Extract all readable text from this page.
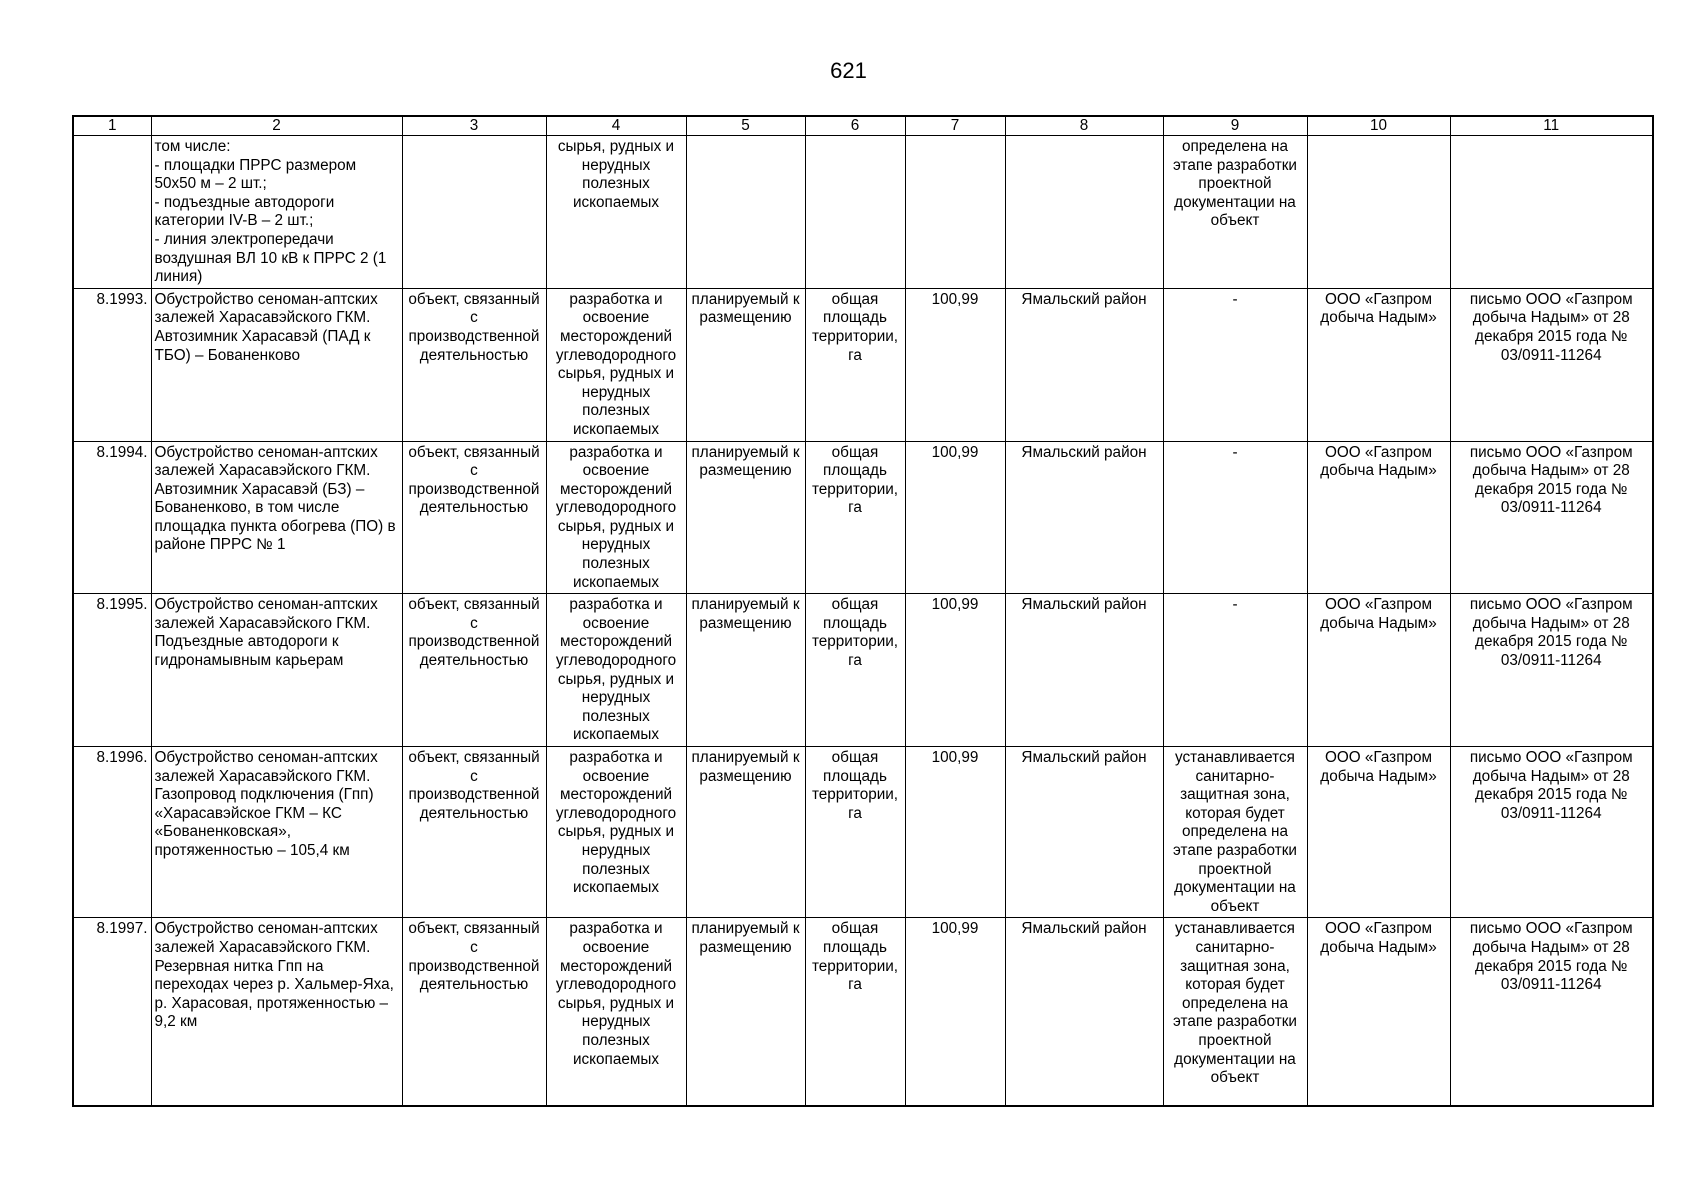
621
1	2	3	4	5	6	7	8	9	10	11
	том числе:
- площадки ПРРС размером 50х50 м – 2 шт.;
- подъездные автодороги категории IV-В – 2 шт.;
- линия электропередачи воздушная ВЛ 10 кВ к ПРРС 2 (1 линия)		сырья, рудных и нерудных полезных ископаемых					определена на этапе разработки проектной документации на объект		
8.1993.	Обустройство сеноман-аптских залежей Харасавэйского ГКМ. Автозимник Харасавэй (ПАД к ТБО) – Бованенково	объект, связанный с производственной деятельностью	разработка и освоение месторождений углеводородного сырья, рудных и нерудных полезных ископаемых	планируемый к размещению	общая площадь территории, га	100,99	Ямальский район	-	ООО «Газпром добыча Надым»	письмо ООО «Газпром добыча Надым» от 28 декабря 2015 года № 03/0911-11264
8.1994.	Обустройство сеноман-аптских залежей Харасавэйского ГКМ. Автозимник Харасавэй (БЗ) – Бованенково, в том числе площадка пункта обогрева (ПО) в районе ПРРС № 1	объект, связанный с производственной деятельностью	разработка и освоение месторождений углеводородного сырья, рудных и нерудных полезных ископаемых	планируемый к размещению	общая площадь территории, га	100,99	Ямальский район	-	ООО «Газпром добыча Надым»	письмо ООО «Газпром добыча Надым» от 28 декабря 2015 года № 03/0911-11264
8.1995.	Обустройство сеноман-аптских залежей Харасавэйского ГКМ. Подъездные автодороги к гидронамывным карьерам	объект, связанный с производственной деятельностью	разработка и освоение месторождений углеводородного сырья, рудных и нерудных полезных ископаемых	планируемый к размещению	общая площадь территории, га	100,99	Ямальский район	-	ООО «Газпром добыча Надым»	письмо ООО «Газпром добыча Надым» от 28 декабря 2015 года № 03/0911-11264
8.1996.	Обустройство сеноман-аптских залежей Харасавэйского ГКМ. Газопровод подключения (Гпп) «Харасавэйское ГКМ – КС «Бованенковская», протяженностью – 105,4 км	объект, связанный с производственной деятельностью	разработка и освоение месторождений углеводородного сырья, рудных и нерудных полезных ископаемых	планируемый к размещению	общая площадь территории, га	100,99	Ямальский район	устанавливается санитарно-защитная зона, которая будет определена на этапе разработки проектной документации на объект	ООО «Газпром добыча Надым»	письмо ООО «Газпром добыча Надым» от 28 декабря 2015 года № 03/0911-11264
8.1997.	Обустройство сеноман-аптских залежей Харасавэйского ГКМ. Резервная нитка Гпп на переходах через р. Хальмер-Яха, р. Харасовая, протяженностью –
9,2 км	объект, связанный с производственной деятельностью	разработка и освоение месторождений углеводородного сырья, рудных и нерудных полезных ископаемых	планируемый к размещению	общая площадь территории, га	100,99	Ямальский район	устанавливается санитарно-защитная зона, которая будет определена на этапе разработки проектной документации на объект	ООО «Газпром добыча Надым»	письмо ООО «Газпром добыча Надым» от 28 декабря 2015 года № 03/0911-11264
